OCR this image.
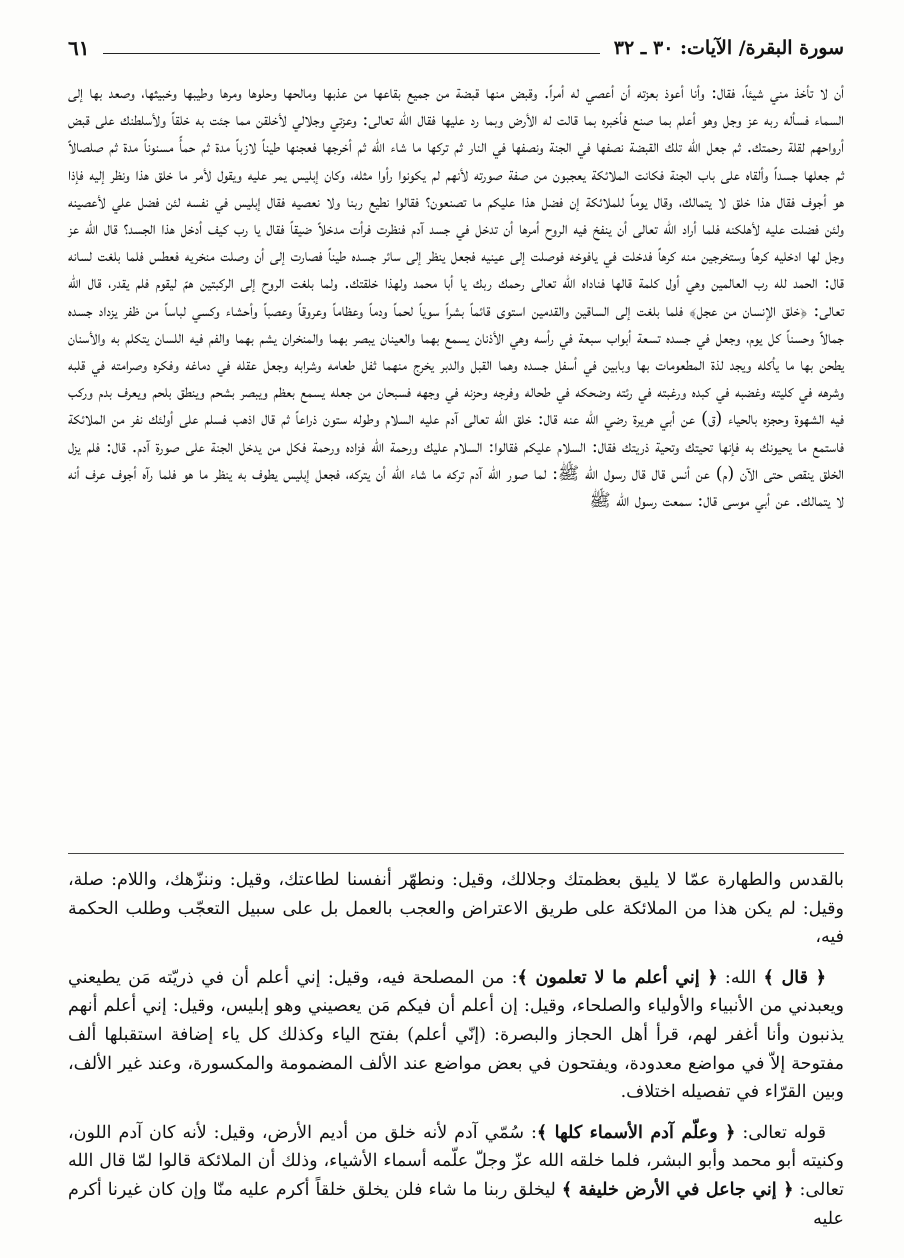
سورة البقرة/ الآيات: ٣٠ ـ ٣٢
٦١

أن لا تأخذ مني شيئاً، فقال: وأنا أعوذ بعزته أن أعصي له أمراً. وقبض منها قبضة من جميع بقاعها من عذبها ومالحها وحلوها ومرها وطيبها وخبيثها، وصعد بها إلى السماء فسأله ربه عز وجل وهو أعلم بما صنع فأخبره بما قالت له الأرض وبما رد عليها فقال الله تعالى: وعزتي وجلالي لأخلقن مما جئت به خلقاً ولأسلطنك على قبض أرواحهم لقلة رحمتك. ثم جعل الله تلك القبضة نصفها في الجنة ونصفها في النار ثم تركها ما شاء الله ثم أخرجها فعجنها طيناً لازباً مدة ثم حمأً مسنوناً مدة ثم صلصالاً ثم جعلها جسداً وألقاه على باب الجنة فكانت الملائكة يعجبون من صفة صورته لأنهم لم يكونوا رأوا مثله، وكان إبليس يمر عليه ويقول لأمر ما خلق هذا ونظر إليه فإذا هو أجوف فقال هذا خلق لا يتمالك، وقال يوماً للملائكة إن فضل هذا عليكم ما تصنعون؟ فقالوا نطيع ربنا ولا نعصيه فقال إبليس في نفسه لئن فضل علي لأعصينه ولئن فضلت عليه لأهلكنه فلما أراد الله تعالى أن ينفخ فيه الروح أمرها أن تدخل في جسد آدم فنظرت فرأت مدخلاً ضيقاً فقال يا رب كيف أدخل هذا الجسد؟ قال الله عز وجل لها ادخليه كرهاً وستخرجين منه كرهاً فدخلت في يافوخه فوصلت إلى عينيه فجعل ينظر إلى سائر جسده طيناً فصارت إلى أن وصلت منخريه فعطس فلما بلغت لسانه قال: الحمد لله رب العالمين وهي أول كلمة قالها فناداه الله تعالى رحمك ربك يا أبا محمد ولهذا خلقتك. ولما بلغت الروح إلى الركبتين همّ ليقوم فلم يقدر، قال الله تعالى: ﴿خلق الإنسان من عجل﴾ فلما بلغت إلى الساقين والقدمين استوى قائماً بشراً سوياً لحماً ودماً وعظاماً وعروقاً وعصباً وأحشاء وكسي لباساً من ظفر يزداد جسده جمالاً وحسناً كل يوم، وجعل في جسده تسعة أبواب سبعة في رأسه وهي الأذنان يسمع بهما والعينان يبصر بهما والمنخران يشم بهما والفم فيه اللسان يتكلم به والأسنان يطحن بها ما يأكله ويجد لذة المطعومات بها وبابين في أسفل جسده وهما القبل والدبر يخرج منهما ثفل طعامه وشرابه وجعل عقله في دماغه وفكره وصرامته في قلبه وشرهه في كليته وغضبه في كبده ورغبته في رئته وضحكه في طحاله وفرجه وحزنه في وجهه فسبحان من جعله يسمع بعظم ويبصر بشحم وينطق بلحم ويعرف بدم وركب فيه الشهوة وحجزه بالحياء (ق) عن أبي هريرة رضي الله عنه قال: خلق الله تعالى آدم عليه السلام وطوله ستون ذراعاً ثم قال اذهب فسلم على أولئك نفر من الملائكة فاستمع ما يحيونك به فإنها تحيتك وتحية ذريتك فقال: السلام عليكم فقالوا: السلام عليك ورحمة الله فزاده ورحمة فكل من يدخل الجنة على صورة آدم. قال: فلم يزل الخلق ينقص حتى الآن (م) عن أنس قال قال رسول الله ﷺ: لما صور الله آدم تركه ما شاء الله أن يتركه، فجعل إبليس يطوف به ينظر ما هو فلما رآه أجوف عرف أنه لا يتمالك. عن أبي موسى قال: سمعت رسول الله ﷺ

بالقدس والطهارة عمّا لا يليق بعظمتك وجلالك، وقيل: ونطهّر أنفسنا لطاعتك، وقيل: وننزّهك، واللام: صلة، وقيل: لم يكن هذا من الملائكة على طريق الاعتراض والعجب بالعمل بل على سبيل التعجّب وطلب الحكمة فيه،

﴿ قال ﴾ الله: ﴿ إني أعلم ما لا تعلمون ﴾: من المصلحة فيه، وقيل: إني أعلم أن في ذريّته مَن يطيعني ويعبدني من الأنبياء والأولياء والصلحاء، وقيل: إن أعلم أن فيكم مَن يعصيني وهو إبليس، وقيل: إني أعلم أنهم يذنبون وأنا أغفر لهم، قرأ أهل الحجاز والبصرة: (إنّي أعلم) بفتح الياء وكذلك كل ياء إضافة استقبلها ألف مفتوحة إلاّ في مواضع معدودة، ويفتحون في بعض مواضع عند الألف المضمومة والمكسورة، وعند غير الألف، وبين القرّاء في تفصيله اختلاف.

قوله تعالى: ﴿ وعلّم آدم الأسماء كلها ﴾: سُمّي آدم لأنه خلق من أديم الأرض، وقيل: لأنه كان آدم اللون، وكنيته أبو محمد وأبو البشر، فلما خلقه الله عزّ وجلّ علّمه أسماء الأشياء، وذلك أن الملائكة قالوا لمّا قال الله تعالى: ﴿ إني جاعل في الأرض خليفة ﴾ ليخلق ربنا ما شاء فلن يخلق خلقاً أكرم عليه منّا وإن كان غيرنا أكرم عليه
